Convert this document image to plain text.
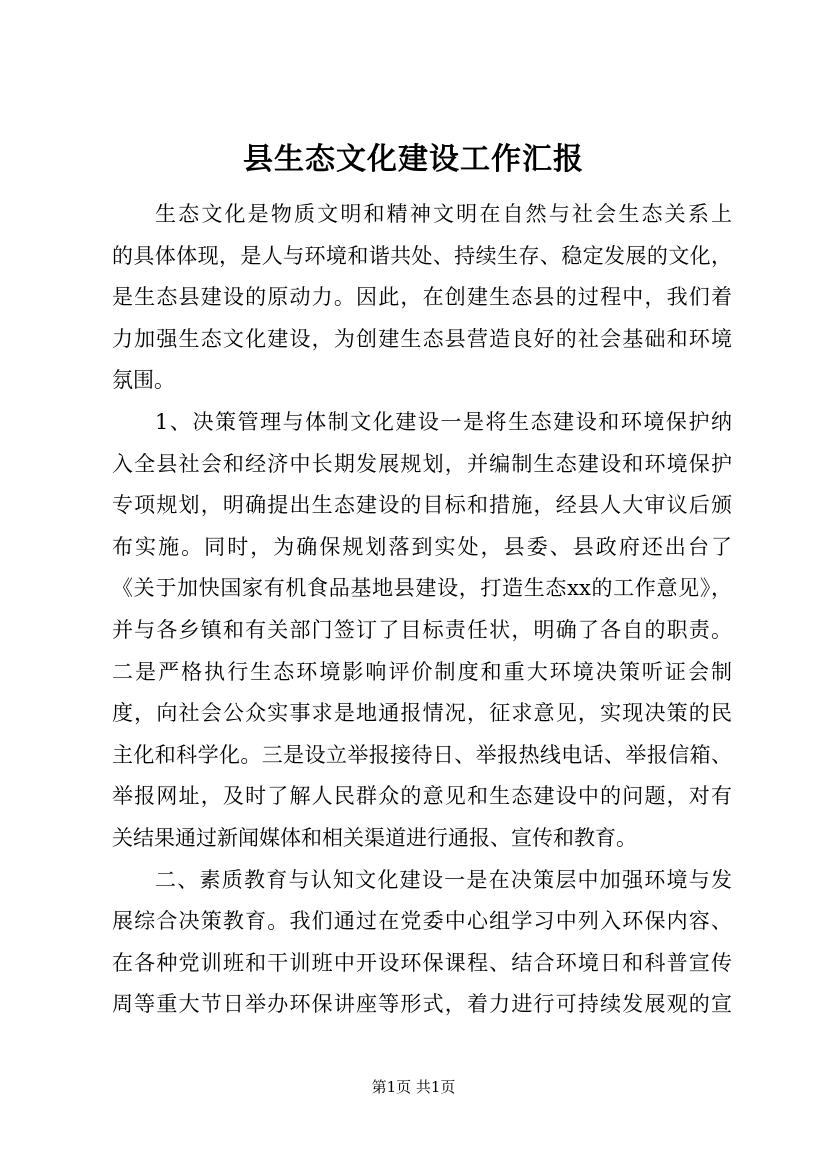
县生态文化建设工作汇报
生态文化是物质文明和精神文明在自然与社会生态关系上
的具体体现，是人与环境和谐共处、持续生存、稳定发展的文化，
是生态县建设的原动力。因此，在创建生态县的过程中，我们着
力加强生态文化建设，为创建生态县营造良好的社会基础和环境
氛围。
1、决策管理与体制文化建设一是将生态建设和环境保护纳
入全县社会和经济中长期发展规划，并编制生态建设和环境保护
专项规划，明确提出生态建设的目标和措施，经县人大审议后颁
布实施。同时，为确保规划落到实处，县委、县政府还出台了
《关于加快国家有机食品基地县建设，打造生态xx的工作意见》，
并与各乡镇和有关部门签订了目标责任状，明确了各自的职责。
二是严格执行生态环境影响评价制度和重大环境决策听证会制
度，向社会公众实事求是地通报情况，征求意见，实现决策的民
主化和科学化。三是设立举报接待日、举报热线电话、举报信箱、
举报网址，及时了解人民群众的意见和生态建设中的问题，对有
关结果通过新闻媒体和相关渠道进行通报、宣传和教育。
二、素质教育与认知文化建设一是在决策层中加强环境与发
展综合决策教育。我们通过在党委中心组学习中列入环保内容、
在各种党训班和干训班中开设环保课程、结合环境日和科普宣传
周等重大节日举办环保讲座等形式，着力进行可持续发展观的宣
第1页 共1页
